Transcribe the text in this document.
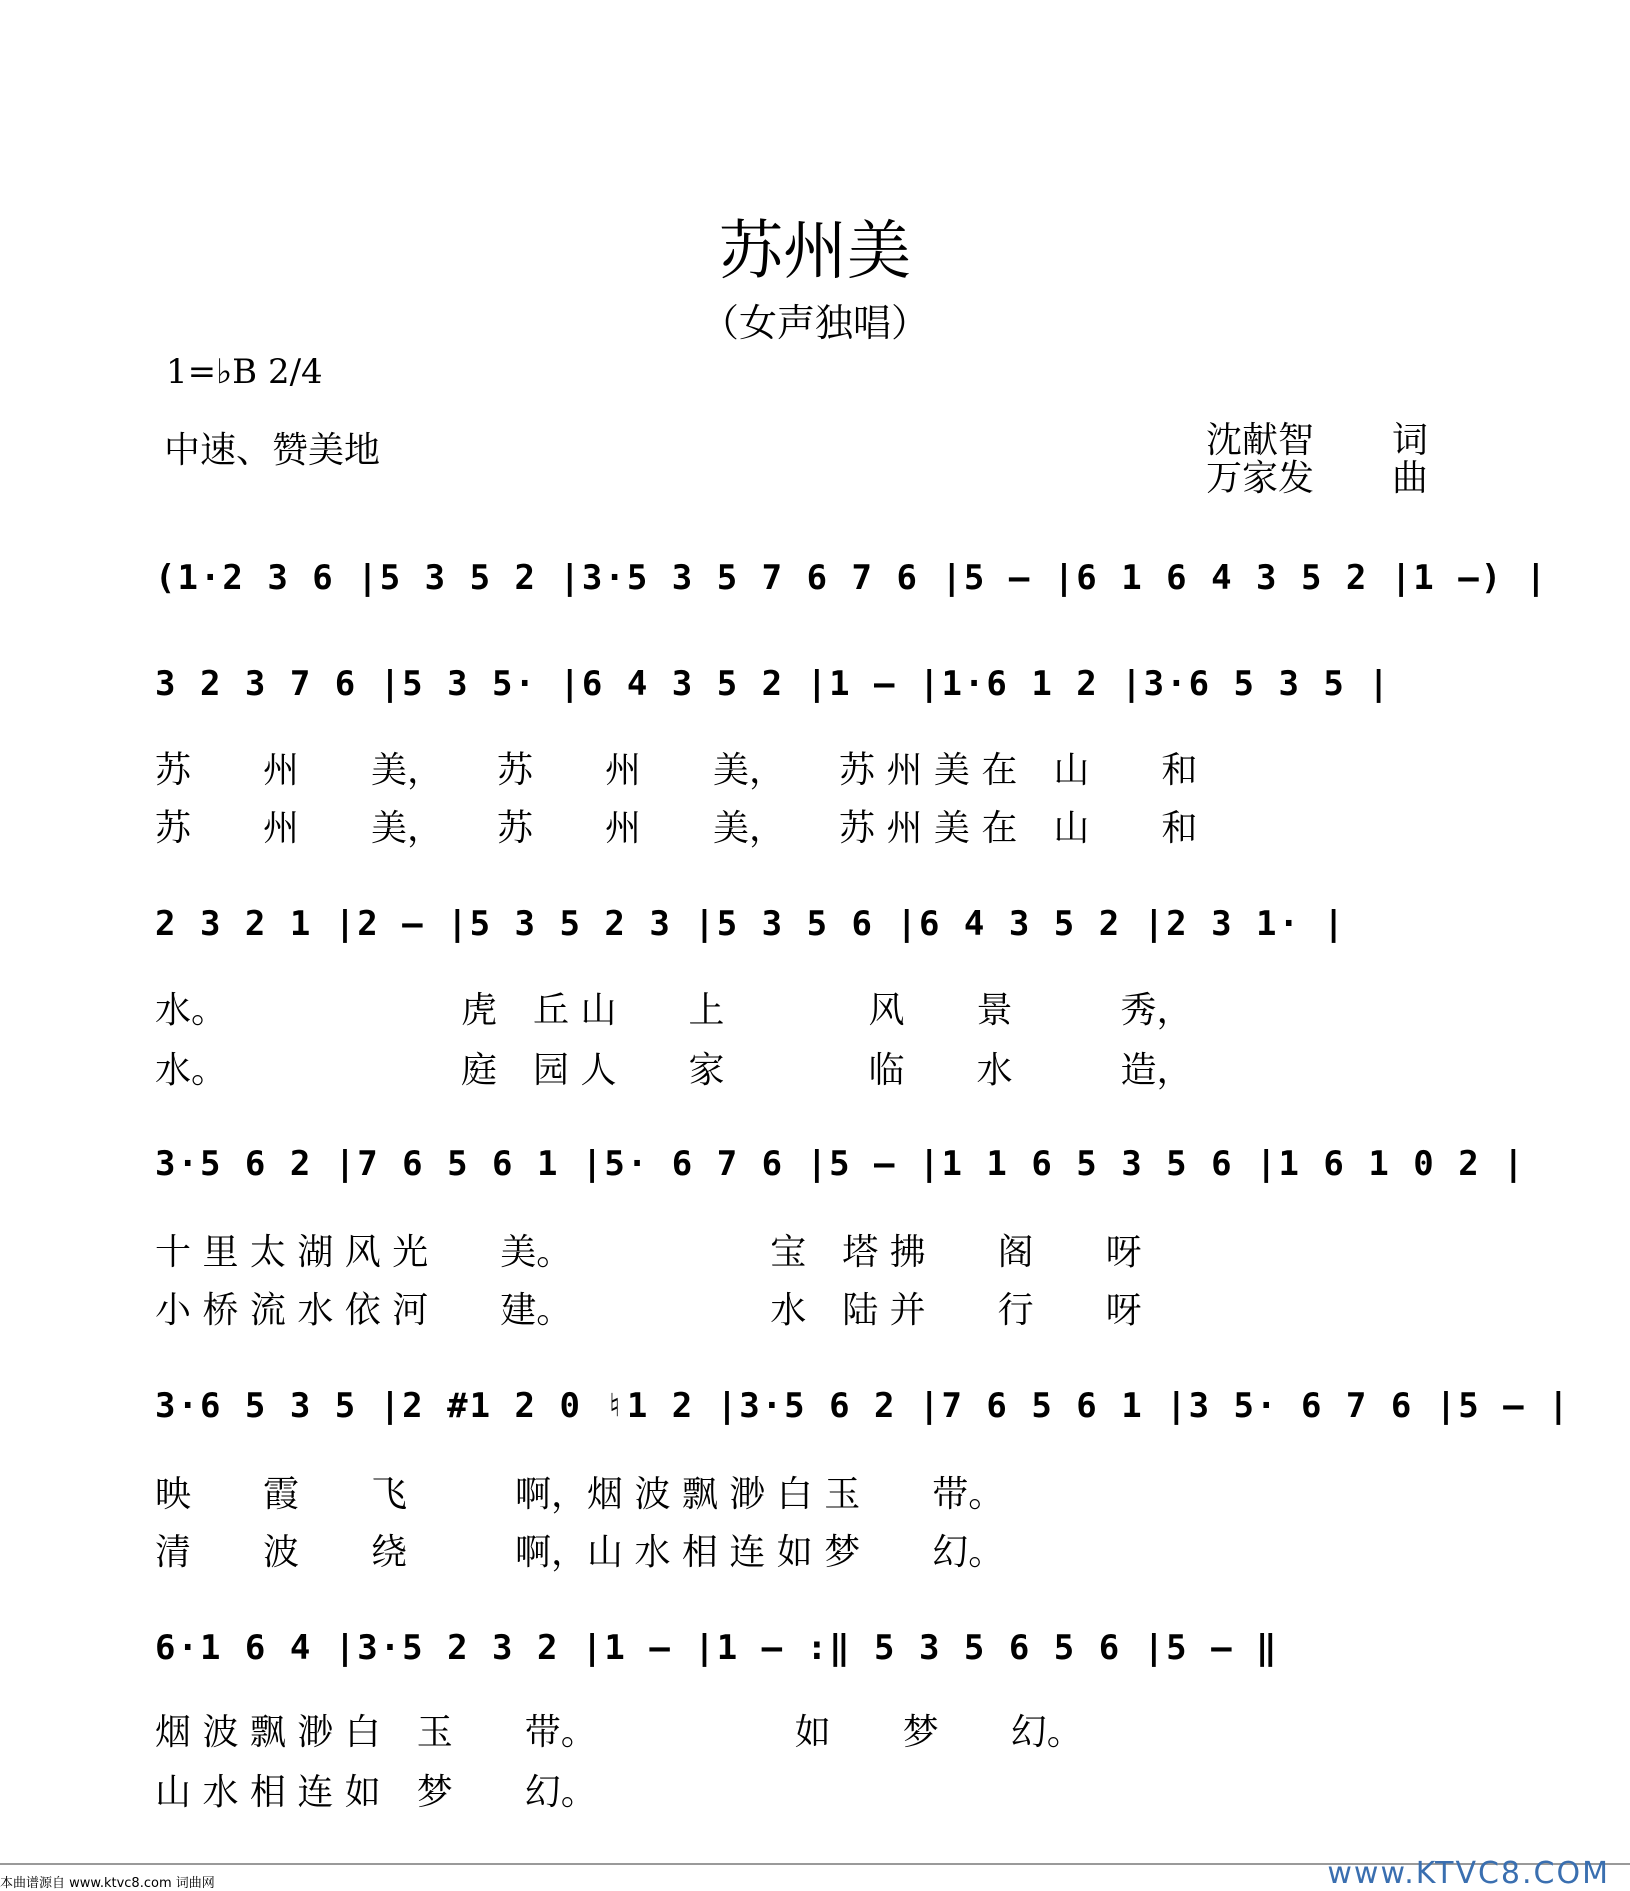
苏州美
（女声独唱）
1=♭B 2/4
中速、赞美地	沈献智 词
万家发 曲
(1·2 3 6 |5 3 5 2 |3·5 3 5 7 6 7 6 |5 – |6 1 6 4 3 5 2 |1 –) |
3 2 3 7 6 |5 3 5· |6 4 3 5 2 |1 – |1·6 1 2 |3·6 5 3 5 |
苏　　州　　美，　　苏　　州　　美，　　苏 州 美 在　山　　和
苏　　州　　美，　　苏　　州　　美，　　苏 州 美 在　山　　和
2 3 2 1 |2 – |5 3 5 2 3 |5 3 5 6 |6 4 3 5 2 |2 3 1· |
水。　　　　　　　虎　丘 山　　上　　　　风　　景　　　秀，
水。　　　　　　　庭　园 人　　家　　　　临　　水　　　造，
3·5 6 2 |7 6 5 6 1 |5· 6 7 6 |5 – |1 1 6 5 3 5 6 |1 6 1 0 2 |
十 里 太 湖 风 光　　美。　　　　　　宝　塔 拂　　阁　　呀
小 桥 流 水 依 河　　建。　　　　　　水　陆 并　　行　　呀
3·6 5 3 5 |2 #1 2 0 ♮1 2 |3·5 6 2 |7 6 5 6 1 |3 5· 6 7 6 |5 – |
映　　霞　　飞　　　啊，烟 波 飘 渺 白 玉　　带。
清　　波　　绕　　　啊，山 水 相 连 如 梦　　幻。
6·1 6 4 |3·5 2 3 2 |1 – |1 – :‖ 5 3 5 6 5 6 |5 – ‖
烟 波 飘 渺 白　玉　　带。　　　　　　如　　梦　　幻。
山 水 相 连 如　梦　　幻。
本曲谱源自 www.ktvc8.com 词曲网	www.KTVC8.COM
